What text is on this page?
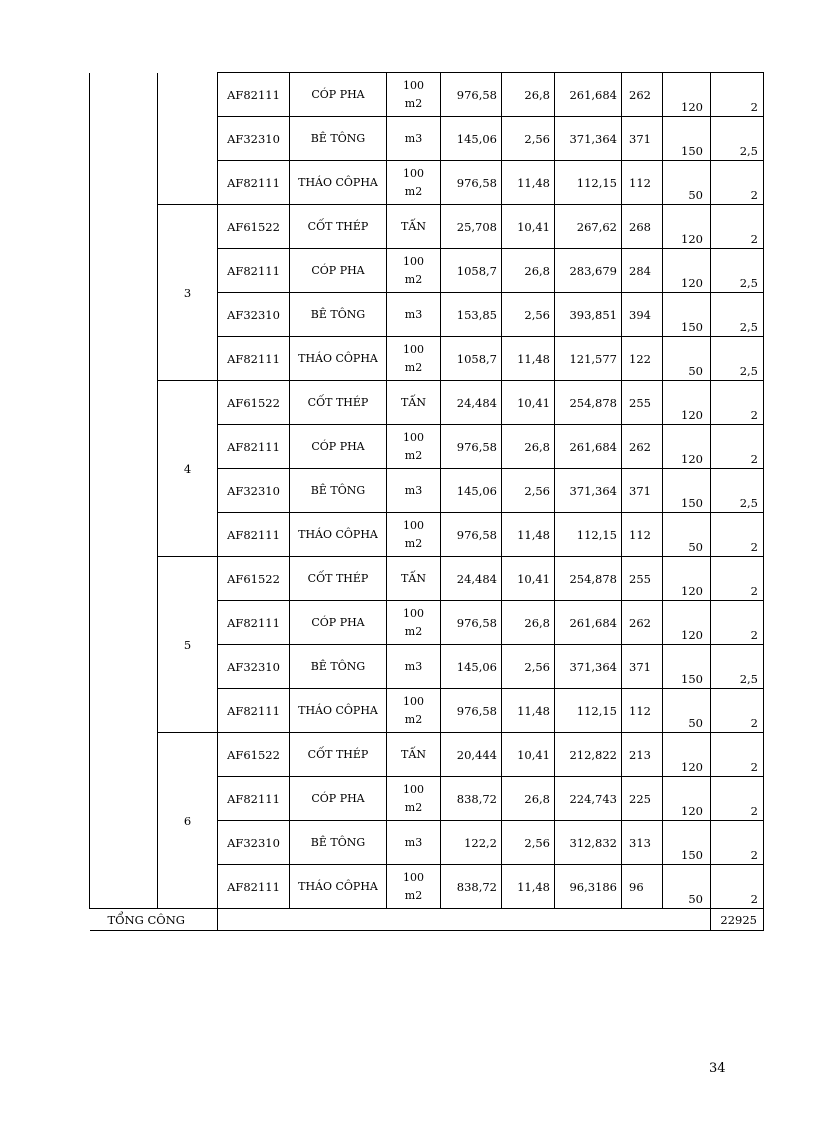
		AF82111	CÓP PHA	100 m2	976,58	26,8	261,684	262	120	2
		AF32310	BÊ TÔNG	m3	145,06	2,56	371,364	371	150	2,5
		AF82111	THÁO CÔPHA	100 m2	976,58	11,48	112,15	112	50	2
	3	AF61522	CỐT THÉP	TẤN	25,708	10,41	267,62	268	120	2
		AF82111	CÓP PHA	100 m2	1058,7	26,8	283,679	284	120	2,5
		AF32310	BÊ TÔNG	m3	153,85	2,56	393,851	394	150	2,5
		AF82111	THÁO CÔPHA	100 m2	1058,7	11,48	121,577	122	50	2,5
	4	AF61522	CỐT THÉP	TẤN	24,484	10,41	254,878	255	120	2
		AF82111	CÓP PHA	100 m2	976,58	26,8	261,684	262	120	2
		AF32310	BÊ TÔNG	m3	145,06	2,56	371,364	371	150	2,5
		AF82111	THÁO CÔPHA	100 m2	976,58	11,48	112,15	112	50	2
	5	AF61522	CỐT THÉP	TẤN	24,484	10,41	254,878	255	120	2
		AF82111	CÓP PHA	100 m2	976,58	26,8	261,684	262	120	2
		AF32310	BÊ TÔNG	m3	145,06	2,56	371,364	371	150	2,5
		AF82111	THÁO CÔPHA	100 m2	976,58	11,48	112,15	112	50	2
	6	AF61522	CỐT THÉP	TẤN	20,444	10,41	212,822	213	120	2
		AF82111	CÓP PHA	100 m2	838,72	26,8	224,743	225	120	2
		AF32310	BÊ TÔNG	m3	122,2	2,56	312,832	313	150	2
		AF82111	THÁO CÔPHA	100 m2	838,72	11,48	96,3186	96	50	2
TỔNG CÔNG										22925
34
